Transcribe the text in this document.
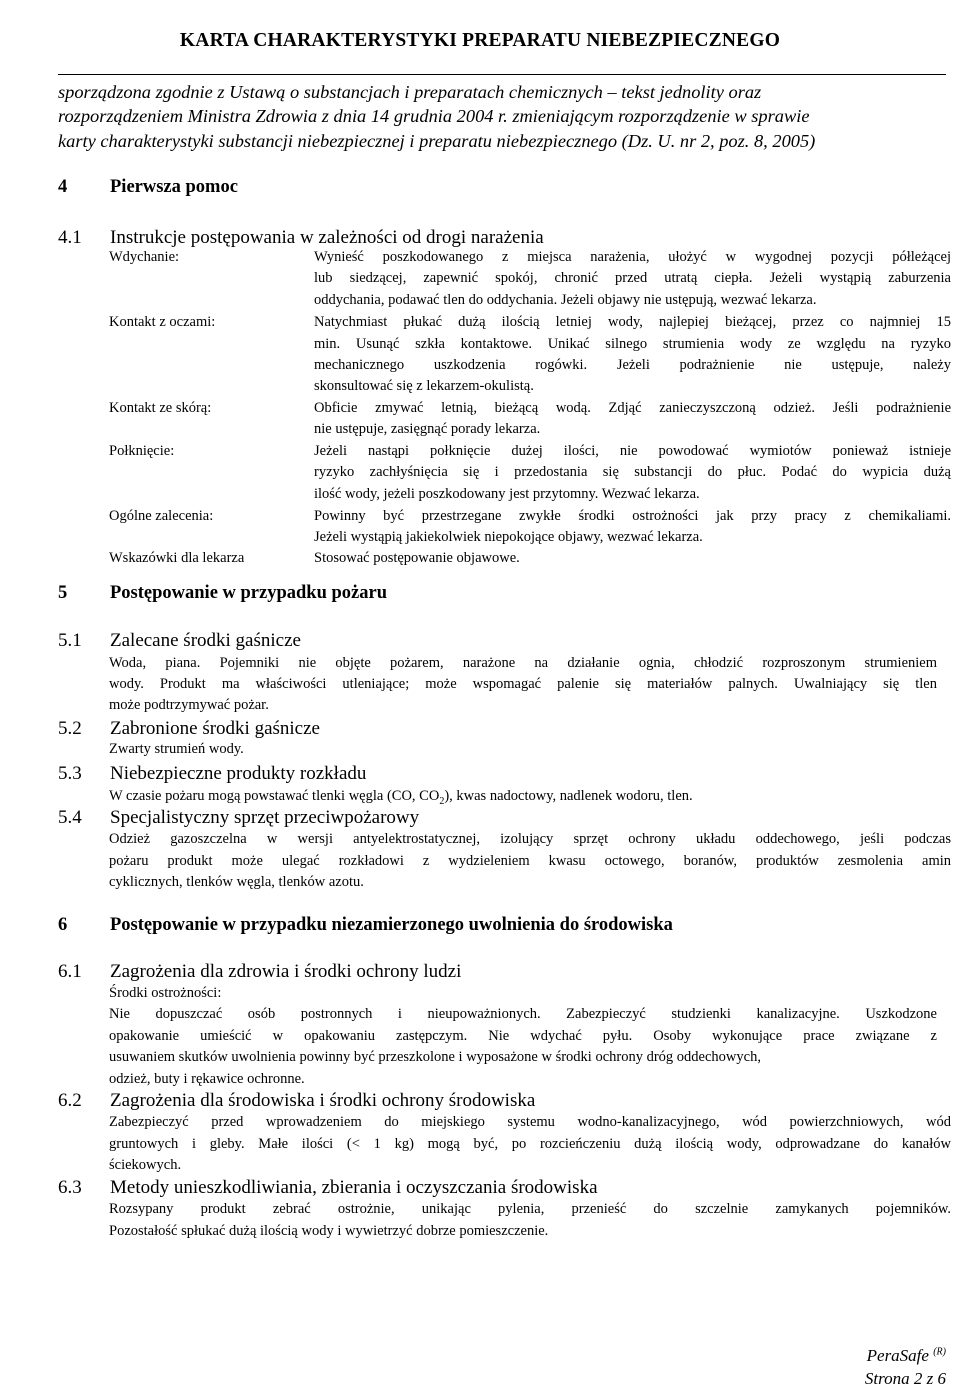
KARTA CHARAKTERYSTYKI PREPARATU NIEBEZPIECZNEGO
sporządzona zgodnie z Ustawą o substancjach i preparatach chemicznych – tekst jednolity oraz
rozporządzeniem Ministra Zdrowia z dnia 14 grudnia 2004 r. zmieniającym rozporządzenie w sprawie
karty charakterystyki substancji niebezpiecznej i preparatu niebezpiecznego (Dz. U. nr 2, poz. 8, 2005)
4 Pierwsza pomoc
4.1 Instrukcje postępowania w zależności od drogi narażenia
Wdychanie:	Wynieść poszkodowanego z miejsca narażenia, ułożyć w wygodnej pozycji półleżącej
lub siedzącej, zapewnić spokój, chronić przed utratą ciepła. Jeżeli wystąpią zaburzenia
oddychania, podawać tlen do oddychania. Jeżeli objawy nie ustępują, wezwać lekarza.
Kontakt z oczami:	Natychmiast płukać dużą ilością letniej wody, najlepiej bieżącej, przez co najmniej 15
min. Usunąć szkła kontaktowe. Unikać silnego strumienia wody ze względu na ryzyko
mechanicznego uszkodzenia rogówki. Jeżeli podrażnienie nie ustępuje, należy
skonsultować się z lekarzem-okulistą.
Kontakt ze skórą:	Obficie zmywać letnią, bieżącą wodą. Zdjąć zanieczyszczoną odzież. Jeśli podrażnienie
nie ustępuje, zasięgnąć porady lekarza.
Połknięcie:	Jeżeli nastąpi połknięcie dużej ilości, nie powodować wymiotów ponieważ istnieje
ryzyko zachłyśnięcia się i przedostania się substancji do płuc. Podać do wypicia dużą
ilość wody, jeżeli poszkodowany jest przytomny. Wezwać lekarza.
Ogólne zalecenia:	Powinny być przestrzegane zwykłe środki ostrożności jak przy pracy z chemikaliami.
Jeżeli wystąpią jakiekolwiek niepokojące objawy, wezwać lekarza.
Wskazówki dla lekarza	Stosować postępowanie objawowe.
5 Postępowanie w przypadku pożaru
5.1 Zalecane środki gaśnicze
Woda, piana. Pojemniki nie objęte pożarem, narażone na działanie ognia, chłodzić rozproszonym strumieniem
wody. Produkt ma właściwości utleniające; może wspomagać palenie się materiałów palnych. Uwalniający się tlen
może podtrzymywać pożar.
5.2 Zabronione środki gaśnicze
Zwarty strumień wody.
5.3 Niebezpieczne produkty rozkładu
W czasie pożaru mogą powstawać tlenki węgla (CO, $CO_2$), kwas nadoctowy, nadlenek wodoru, tlen.
5.4 Specjalistyczny sprzęt przeciwpożarowy
Odzież gazoszczelna w wersji antyelektrostatycznej, izolujący sprzęt ochrony układu oddechowego, jeśli podczas
pożaru produkt może ulegać rozkładowi z wydzieleniem kwasu octowego, boranów, produktów zesmolenia amin
cyklicznych, tlenków węgla, tlenków azotu.
6 Postępowanie w przypadku niezamierzonego uwolnienia do środowiska
6.1 Zagrożenia dla zdrowia i środki ochrony ludzi
Środki ostrożności:
Nie dopuszczać osób postronnych i nieupoważnionych. Zabezpieczyć studzienki kanalizacyjne. Uszkodzone
opakowanie umieścić w opakowaniu zastępczym. Nie wdychać pyłu. Osoby wykonujące prace związane z
usuwaniem skutków uwolnienia powinny być przeszkolone i wyposażone w środki ochrony dróg oddechowych,
odzież, buty i rękawice ochronne.
6.2 Zagrożenia dla środowiska i środki ochrony środowiska
Zabezpieczyć przed wprowadzeniem do miejskiego systemu wodno-kanalizacyjnego, wód powierzchniowych, wód
gruntowych i gleby. Małe ilości (< 1 kg) mogą być, po rozcieńczeniu dużą ilością wody, odprowadzane do kanałów
ściekowych.
6.3 Metody unieszkodliwiania, zbierania i oczyszczania środowiska
Rozsypany produkt zebrać ostrożnie, unikając pylenia, przenieść do szczelnie zamykanych pojemników.
Pozostałość spłukać dużą ilością wody i wywietrzyć dobrze pomieszczenie.
PeraSafe $^{(R)}$
Strona 2 z 6
